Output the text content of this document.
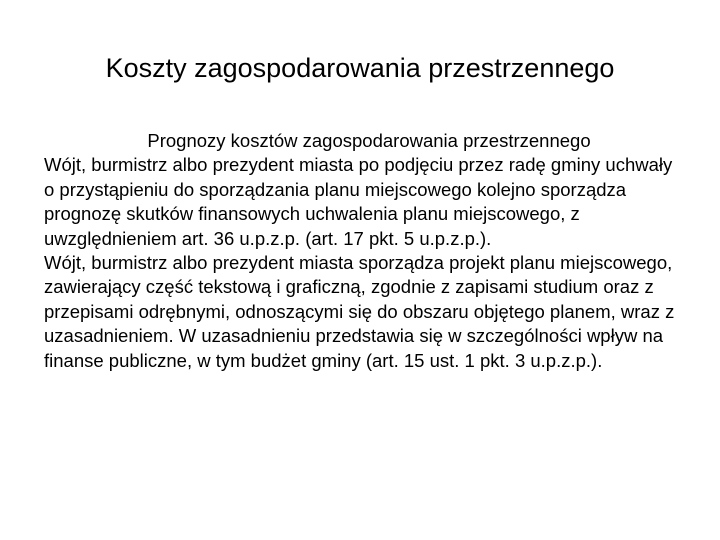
Koszty zagospodarowania przestrzennego

Prognozy kosztów zagospodarowania przestrzennego

Wójt, burmistrz albo prezydent miasta po podjęciu przez radę gminy uchwały o przystąpieniu do sporządzania planu miejscowego kolejno sporządza prognozę skutków finansowych uchwalenia planu miejscowego, z uwzględnieniem art. 36 u.p.z.p. (art. 17 pkt. 5 u.p.z.p.).

Wójt, burmistrz albo prezydent miasta sporządza projekt planu miejscowego, zawierający część tekstową i graficzną, zgodnie z zapisami studium oraz z przepisami odrębnymi, odnoszącymi się do obszaru objętego planem, wraz z uzasadnieniem. W uzasadnieniu przedstawia się w szczególności wpływ na finanse publiczne, w tym budżet gminy (art. 15 ust. 1 pkt. 3 u.p.z.p.).
